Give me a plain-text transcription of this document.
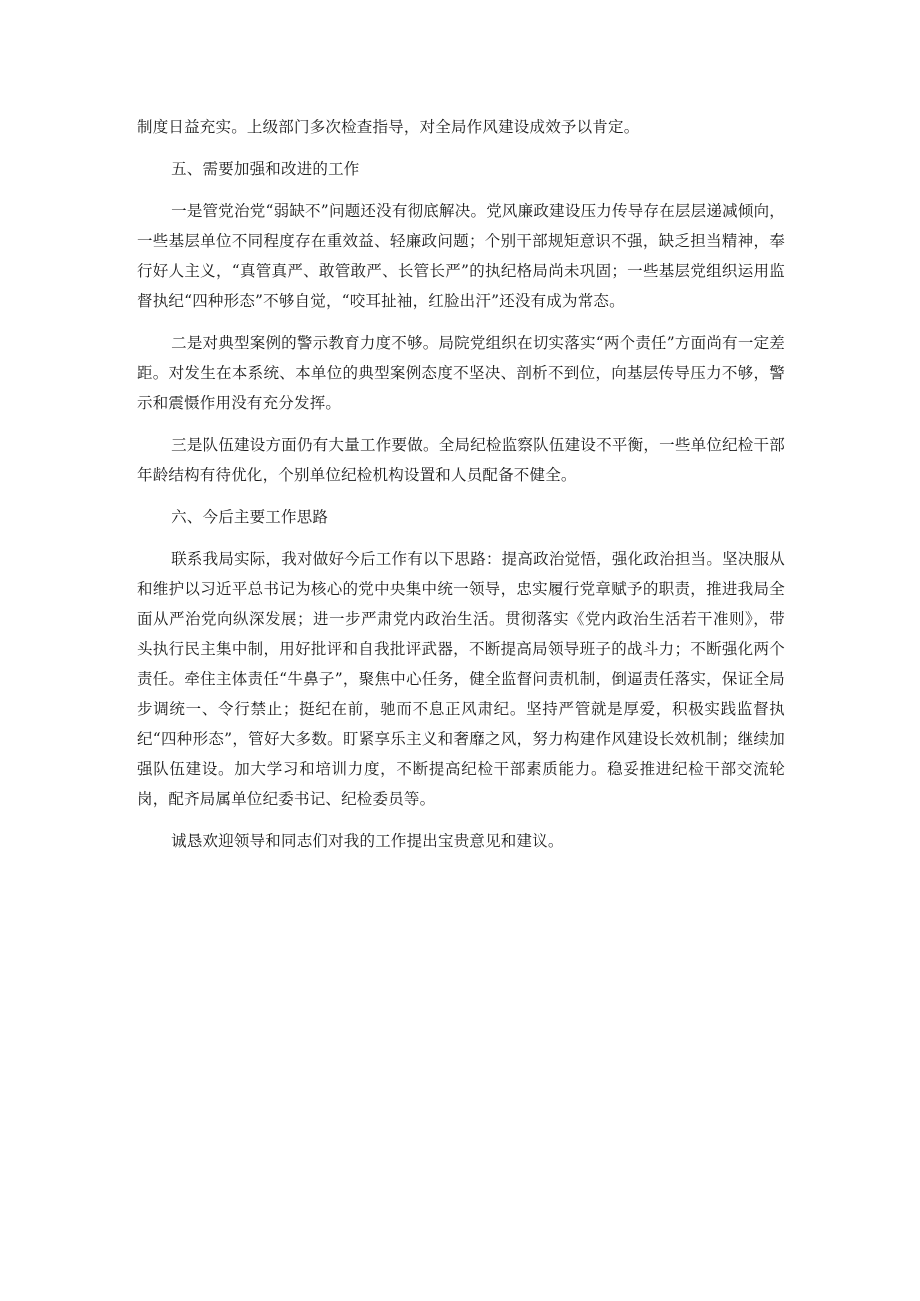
制度日益充实。上级部门多次检查指导，对全局作风建设成效予以肯定。

五、需要加强和改进的工作

一是管党治党“弱缺不”问题还没有彻底解决。党风廉政建设压力传导存在层层递减倾向，一些基层单位不同程度存在重效益、轻廉政问题；个别干部规矩意识不强，缺乏担当精神，奉行好人主义，“真管真严、敢管敢严、长管长严”的执纪格局尚未巩固；一些基层党组织运用监督执纪“四种形态”不够自觉，“咬耳扯袖，红脸出汗”还没有成为常态。

二是对典型案例的警示教育力度不够。局院党组织在切实落实“两个责任”方面尚有一定差距。对发生在本系统、本单位的典型案例态度不坚决、剖析不到位，向基层传导压力不够，警示和震慑作用没有充分发挥。

三是队伍建设方面仍有大量工作要做。全局纪检监察队伍建设不平衡，一些单位纪检干部年龄结构有待优化，个别单位纪检机构设置和人员配备不健全。

六、今后主要工作思路

联系我局实际，我对做好今后工作有以下思路：提高政治觉悟，强化政治担当。坚决服从和维护以习近平总书记为核心的党中央集中统一领导，忠实履行党章赋予的职责，推进我局全面从严治党向纵深发展；进一步严肃党内政治生活。贯彻落实《党内政治生活若干准则》，带头执行民主集中制，用好批评和自我批评武器，不断提高局领导班子的战斗力；不断强化两个责任。牵住主体责任“牛鼻子”，聚焦中心任务，健全监督问责机制，倒逼责任落实，保证全局步调统一、令行禁止；挺纪在前，驰而不息正风肃纪。坚持严管就是厚爱，积极实践监督执纪“四种形态”，管好大多数。盯紧享乐主义和奢靡之风，努力构建作风建设长效机制；继续加强队伍建设。加大学习和培训力度，不断提高纪检干部素质能力。稳妥推进纪检干部交流轮岗，配齐局属单位纪委书记、纪检委员等。

诚恳欢迎领导和同志们对我的工作提出宝贵意见和建议。
